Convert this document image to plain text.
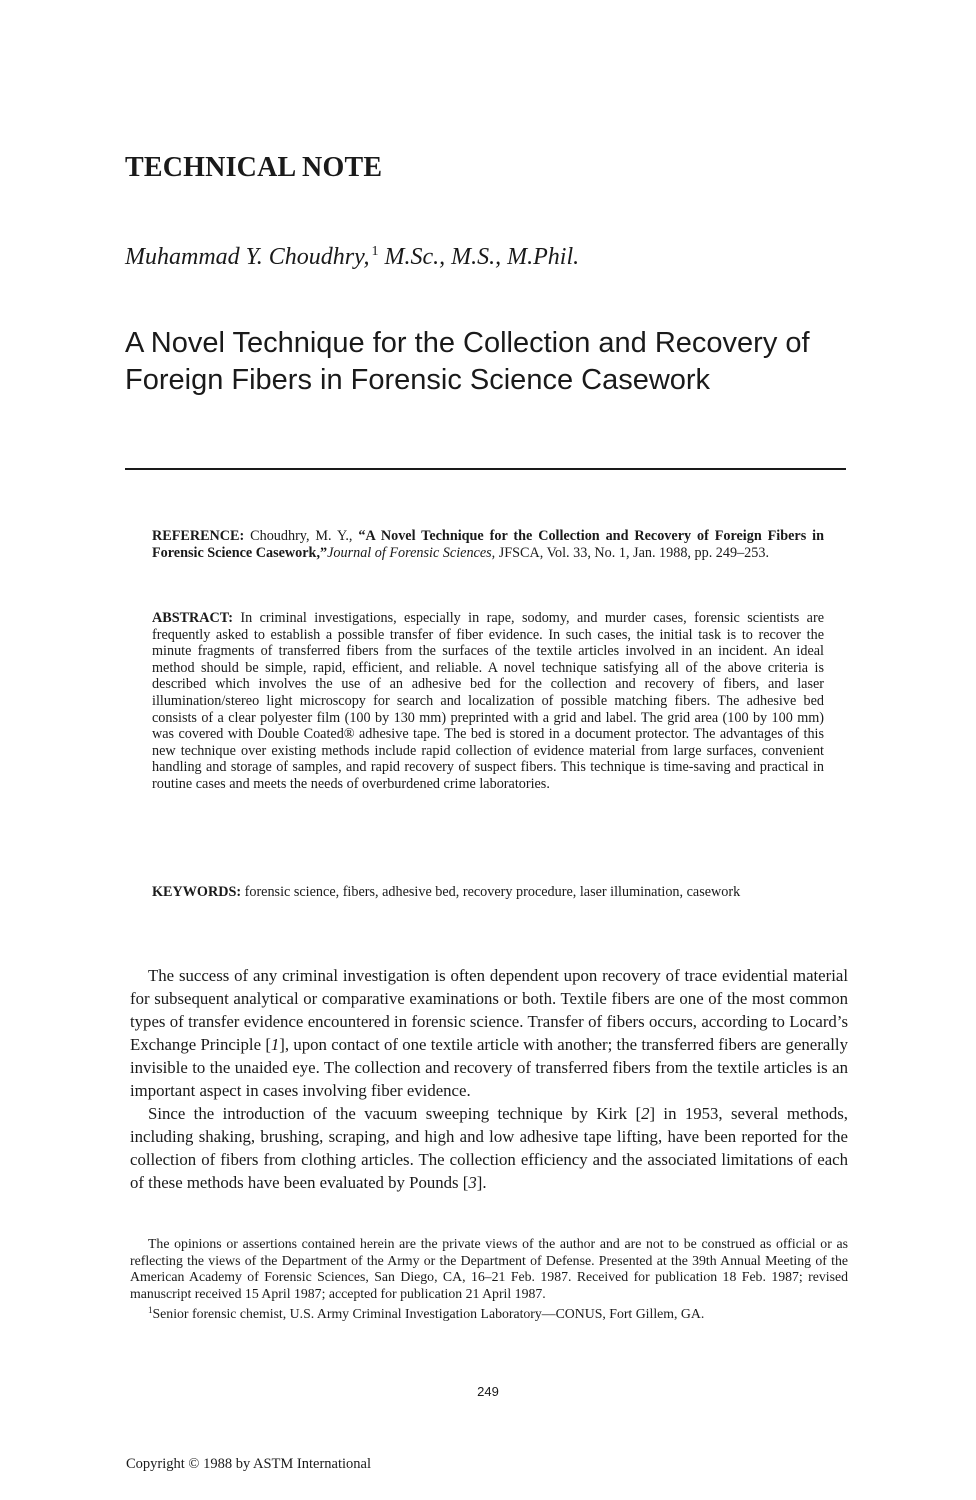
TECHNICAL NOTE
Muhammad Y. Choudhry, $^1$ M.Sc., M.S., M.Phil.
A Novel Technique for the Collection and Recovery of Foreign Fibers in Forensic Science Casework
REFERENCE: Choudhry, M. Y., “A Novel Technique for the Collection and Recovery of Foreign Fibers in Forensic Science Casework,”Journal of Forensic Sciences, JFSCA, Vol. 33, No. 1, Jan. 1988, pp. 249–253.
ABSTRACT: In criminal investigations, especially in rape, sodomy, and murder cases, forensic scientists are frequently asked to establish a possible transfer of fiber evidence. In such cases, the initial task is to recover the minute fragments of transferred fibers from the surfaces of the textile articles involved in an incident. An ideal method should be simple, rapid, efficient, and reliable. A novel technique satisfying all of the above criteria is described which involves the use of an adhesive bed for the collection and recovery of fibers, and laser illumination/stereo light microscopy for search and localization of possible matching fibers. The adhesive bed consists of a clear polyester film (100 by 130 mm) preprinted with a grid and label. The grid area (100 by 100 mm) was covered with Double Coated® adhesive tape. The bed is stored in a document protector. The advantages of this new technique over existing methods include rapid collection of evidence material from large surfaces, convenient handling and storage of samples, and rapid recovery of suspect fibers. This technique is time-saving and practical in routine cases and meets the needs of overburdened crime laboratories.
KEYWORDS: forensic science, fibers, adhesive bed, recovery procedure, laser illumination, casework

The success of any criminal investigation is often dependent upon recovery of trace evidential material for subsequent analytical or comparative examinations or both. Textile fibers are one of the most common types of transfer evidence encountered in forensic science. Transfer of fibers occurs, according to Locard’s Exchange Principle [1], upon contact of one textile article with another; the transferred fibers are generally invisible to the unaided eye. The collection and recovery of transferred fibers from the textile articles is an important aspect in cases involving fiber evidence.

Since the introduction of the vacuum sweeping technique by Kirk [2] in 1953, several methods, including shaking, brushing, scraping, and high and low adhesive tape lifting, have been reported for the collection of fibers from clothing articles. The collection efficiency and the associated limitations of each of these methods have been evaluated by Pounds [3].

The opinions or assertions contained herein are the private views of the author and are not to be construed as official or as reflecting the views of the Department of the Army or the Department of Defense. Presented at the 39th Annual Meeting of the American Academy of Forensic Sciences, San Diego, CA, 16–21 Feb. 1987. Received for publication 18 Feb. 1987; revised manuscript received 15 April 1987; accepted for publication 21 April 1987.

$^1$Senior forensic chemist, U.S. Army Criminal Investigation Laboratory—CONUS, Fort Gillem, GA.

249
Copyright © 1988 by ASTM International
